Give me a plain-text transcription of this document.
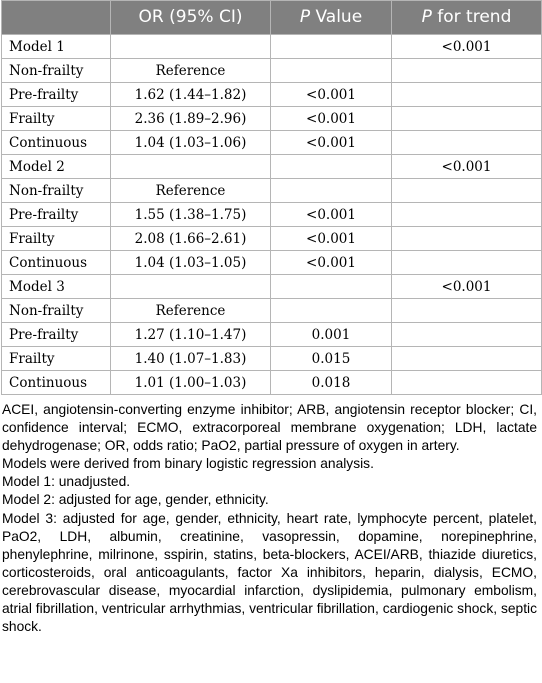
	OR (95% CI)	P Value	P for trend
Model 1			<0.001
Non-frailty	Reference		
Pre-frailty	1.62 (1.44–1.82)	<0.001	
Frailty	2.36 (1.89–2.96)	<0.001	
Continuous	1.04 (1.03–1.06)	<0.001	
Model 2			<0.001
Non-frailty	Reference		
Pre-frailty	1.55 (1.38–1.75)	<0.001	
Frailty	2.08 (1.66–2.61)	<0.001	
Continuous	1.04 (1.03–1.05)	<0.001	
Model 3			<0.001
Non-frailty	Reference		
Pre-frailty	1.27 (1.10–1.47)	0.001	
Frailty	1.40 (1.07–1.83)	0.015	
Continuous	1.01 (1.00–1.03)	0.018	

ACEI, angiotensin-converting enzyme inhibitor; ARB, angiotensin receptor blocker; CI, confidence interval; ECMO, extracorporeal membrane oxygenation; LDH, lactate dehydrogenase; OR, odds ratio; PaO2, partial pressure of oxygen in artery.

Models were derived from binary logistic regression analysis.

Model 1: unadjusted.

Model 2: adjusted for age, gender, ethnicity.

Model 3: adjusted for age, gender, ethnicity, heart rate, lymphocyte percent, platelet, PaO2, LDH, albumin, creatinine, vasopressin, dopamine, norepinephrine, phenylephrine, milrinone, sspirin, statins, beta-blockers, ACEI/ARB, thiazide diuretics, corticosteroids, oral anticoagulants, factor Xa inhibitors, heparin, dialysis, ECMO, cerebrovascular disease, myocardial infarction, dyslipidemia, pulmonary embolism, atrial fibrillation, ventricular arrhythmias, ventricular fibrillation, cardiogenic shock, septic shock.
